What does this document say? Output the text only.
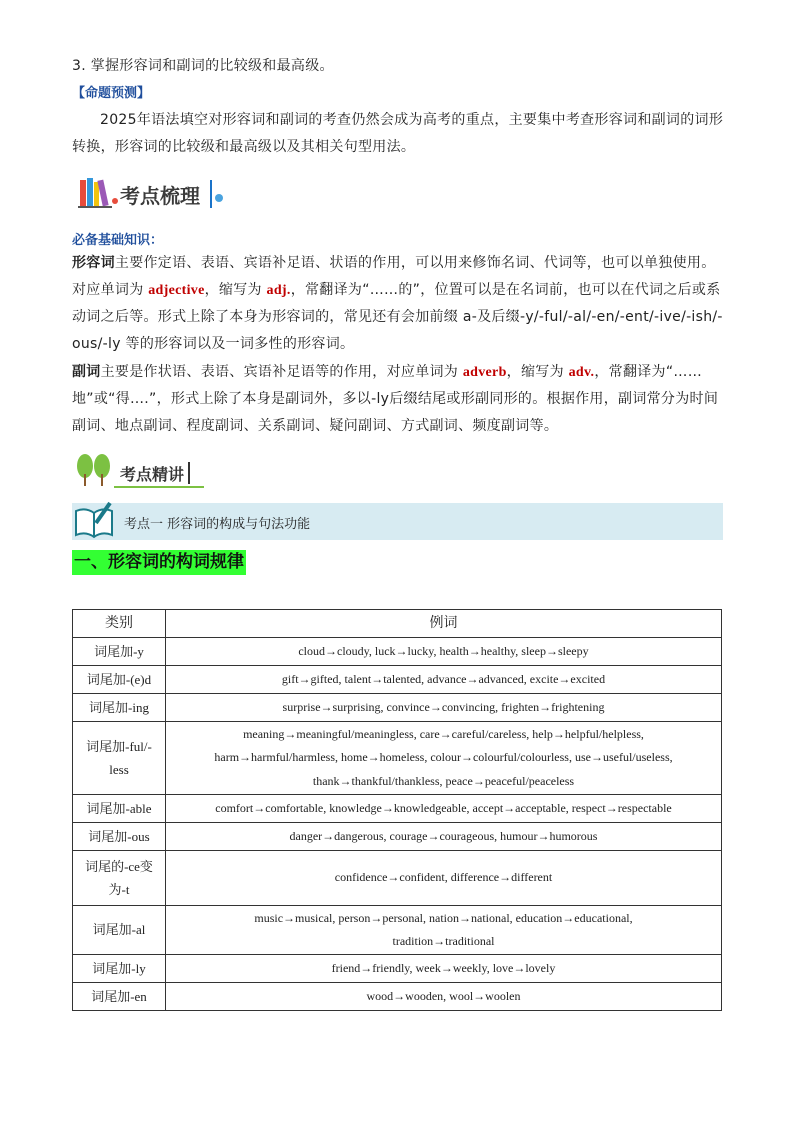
3. 掌握形容词和副词的比较级和最高级。
【命题预测】
2025年语法填空对形容词和副词的考查仍然会成为高考的重点，主要集中考查形容词和副词的词形转换，形容词的比较级和最高级以及其相关句型用法。
考点梳理
必备基础知识：
形容词主要作定语、表语、宾语补足语、状语的作用，可以用来修饰名词、代词等，也可以单独使用。对应单词为 adjective，缩写为 adj.，常翻译为“……的”，位置可以是在名词前，也可以在代词之后或系动词之后等。形式上除了本身为形容词的，常见还有会加前缀 a-及后缀-y/-ful/-al/-en/-ent/-ive/-ish/-ous/-ly 等的形容词以及一词多性的形容词。
副词主要是作状语、表语、宾语补足语等的作用，对应单词为 adverb，缩写为 adv.，常翻译为“……地”或“得….”，形式上除了本身是副词外，多以-ly后缀结尾或形副同形的。根据作用，副词常分为时间副词、地点副词、程度副词、关系副词、疑问副词、方式副词、频度副词等。
考点精讲
考点一 形容词的构成与句法功能
一、形容词的构词规律
类别	例词
词尾加-y	cloud→cloudy, luck→lucky, health→healthy, sleep→sleepy

词尾加-(e)d	gift→gifted, talent→talented, advance→advanced, excite→excited

词尾加-ing	surprise→surprising, convince→convincing, frighten→frightening

词尾加-ful/-less	meaning→meaningful/meaningless, care→careful/careless, help→helpful/helpless,
harm→harmful/harmless, home→homeless, colour→colourful/colourless, use→useful/useless,
thank→thankful/thankless, peace→peaceful/peaceless

词尾加-able	comfort→comfortable, knowledge→knowledgeable, accept→acceptable, respect→respectable

词尾加-ous	danger→dangerous, courage→courageous, humour→humorous

词尾的-ce变为-t	confidence→confident, difference→different

词尾加-al	music→musical, person→personal, nation→national, education→educational,
tradition→traditional

词尾加-ly	friend→friendly, week→weekly, love→lovely

词尾加-en	wood→wooden, wool→woolen
